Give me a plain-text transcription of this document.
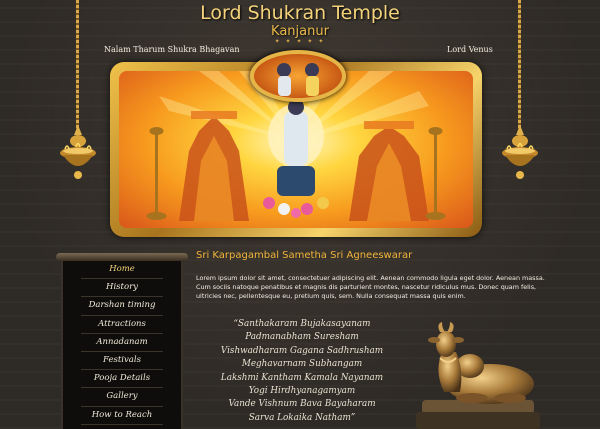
Lord Shukran Temple
Kanjanur
✦ ✦ ✦ ✦ ✦
Nalam Tharum Shukra Bhagavan	Lord Venus
Home
History
Darshan timing
Attractions
Annadanam
Festivals
Pooja Details
Gallery
How to Reach
Sri Karpagambal Sametha Sri Agneeswarar

Lorem ipsum dolor sit amet, consectetuer adipiscing elit. Aenean commodo ligula eget dolor. Aenean massa. Cum sociis natoque penatibus et magnis dis parturient montes, nascetur ridiculus mus. Donec quam felis, ultricies nec, pellentesque eu, pretium quis, sem. Nulla consequat massa quis enim.

“Santhakaram Bujakasayanam
Padmanabham Suresham
Vishwadharam Gagana Sadhrusham
Meghavarnam Subhangam
Lakshmi Kantham Kamala Nayanam
Yogi Hirdhyanagamyam
Vande Vishnum Bava Bayaharam
Sarva Lokaika Natham”
